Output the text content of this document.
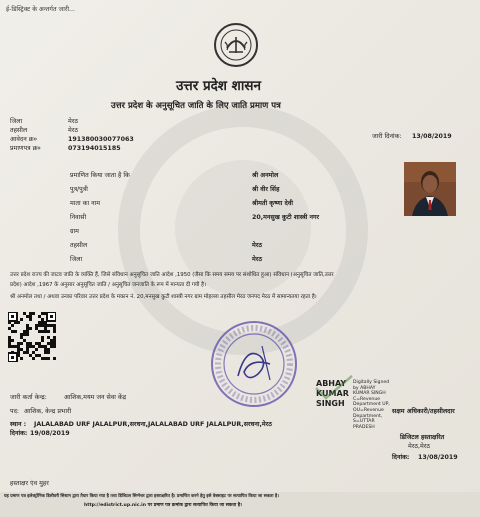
ई-डिस्ट्रिक्ट के अन्तर्गत जारी...
उत्तर प्रदेश शासन
उत्तर प्रदेश के अनुसूचित जाति के लिए जाति प्रमाण पत्र
जिला	मेरठ
तहसील	मेरठ
आवेदन क्र०	191380030077063
प्रमाणपत्र क्र०	073194015185
जारी दिनांक: 13/08/2019
प्रमाणित किया जाता है कि	श्री अनमोल
पुत्र/पुत्री	श्री वीर सिंह
माता का नाम	श्रीमती कृष्णा देवी
निवासी	20,मनसुख कुटी शास्त्री नगर
ग्राम
तहसील	मेरठ
जिला	मेरठ
उत्तर प्रदेश राज्य की जाटव जाति के व्यक्ति हैं, जिसे संविधान अनुसूचित जाति आदेश ,1950 (जैसा कि समय समय पर संशोधित हुआ) संविधान (अनुसूचित जाति,उत्तर
प्रदेश) आदेश ,1967 के अनुसार अनुसूचित जाति / अनुसूचित जनजाति के रूप में मान्यता दी गयी है।
श्री अनमोल तथा / अथवा उनका परिवार उत्तर प्रदेश के मकान नं. 20,मनसुख कुटी शास्त्री नगर ग्राम मोहल्ला तहसील मेरठ जनपद मेरठ में सामान्यतया रहता है।
ABHAY
KUMAR
SINGH
Digitally Signed by ABHAY KUMAR SINGH C=Revenue Department UP, OU=Revenue Department, S=UTTAR PRADESH
सक्षम अधिकारी/तहसीलदार
डिजिटल हस्ताक्षरित
मेरठ,मेरठ
दिनांक: 13/08/2019
जारी कर्ता केन्द्र:	आशिक,मयम जन सेवा केंद्र
पद: आशिक, केन्द्र प्रभारी
स्थान : JALALABAD URF JALALPUR,सरधना,JALALABAD URF JALALPUR,सरधना,मेरठ
दिनांक: 19/08/2019
हस्ताक्षर एंव मुहर
यह प्रमाण पत्र इलेक्ट्रॉनिक डिलीवरी सिस्टम द्वारा तैयार किया गया है तथा डिजिटल सिग्नेचर द्वारा हस्ताक्षरित है। प्रमाणित करने हेतु इसे वेबसाइट पर सत्यापित किया जा सकता है।
http://edistrict.up.nic.in पर प्रमाण पत्र क्रमांक द्वारा सत्यापित किया जा सकता है।
